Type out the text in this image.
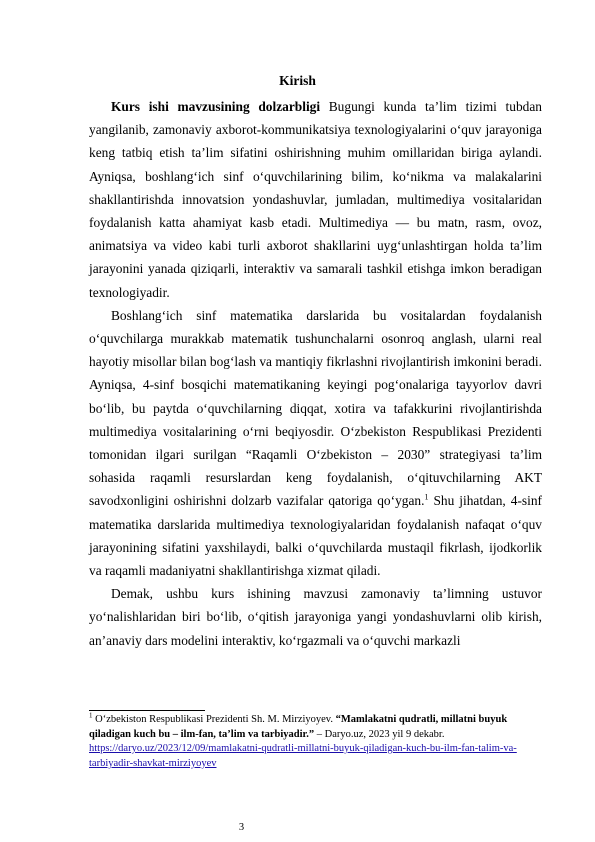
Kirish

Kurs ishi mavzusining dolzarbligi Bugungi kunda ta’lim tizimi tubdan yangilanib, zamonaviy axborot-kommunikatsiya texnologiyalarini o‘quv jarayoniga keng tatbiq etish ta’lim sifatini oshirishning muhim omillaridan biriga aylandi. Ayniqsa, boshlang‘ich sinf o‘quvchilarining bilim, ko‘nikma va malakalarini shakllantirishda innovatsion yondashuvlar, jumladan, multimediya vositalaridan foydalanish katta ahamiyat kasb etadi. Multimediya — bu matn, rasm, ovoz, animatsiya va video kabi turli axborot shakllarini uyg‘unlashtirgan holda ta’lim jarayonini yanada qiziqarli, interaktiv va samarali tashkil etishga imkon beradigan texnologiyadir.

Boshlang‘ich sinf matematika darslarida bu vositalardan foydalanish o‘quvchilarga murakkab matematik tushunchalarni osonroq anglash, ularni real hayotiy misollar bilan bog‘lash va mantiqiy fikrlashni rivojlantirish imkonini beradi. Ayniqsa, 4-sinf bosqichi matematikaning keyingi pog‘onalariga tayyorlov davri bo‘lib, bu paytda o‘quvchilarning diqqat, xotira va tafakkurini rivojlantirishda multimediya vositalarining o‘rni beqiyosdir. O‘zbekiston Respublikasi Prezidenti tomonidan ilgari surilgan “Raqamli O‘zbekiston – 2030” strategiyasi ta’lim sohasida raqamli resurslardan keng foydalanish, o‘qituvchilarning AKT savodxonligini oshirishni dolzarb vazifalar qatoriga qo‘ygan.$^1$ Shu jihatdan, 4-sinf matematika darslarida multimediya texnologiyalaridan foydalanish nafaqat o‘quv jarayonining sifatini yaxshilaydi, balki o‘quvchilarda mustaqil fikrlash, ijodkorlik va raqamli madaniyatni shakllantirishga xizmat qiladi.

Demak, ushbu kurs ishining mavzusi zamonaviy ta’limning ustuvor yo‘nalishlaridan biri bo‘lib, o‘qitish jarayoniga yangi yondashuvlarni olib kirish, an’anaviy dars modelini interaktiv, ko‘rgazmali va o‘quvchi markazli

$^1$ O‘zbekiston Respublikasi Prezidenti Sh. M. Mirziyoyev. “Mamlakatni qudratli, millatni buyuk qiladigan kuch bu – ilm-fan, ta’lim va tarbiyadir.” – Daryo.uz, 2023 yil 9 dekabr. https://daryo.uz/2023/12/09/mamlakatni-qudratli-millatni-buyuk-qiladigan-kuch-bu-ilm-fan-talim-va-tarbiyadir-shavkat-mirziyoyev
3
